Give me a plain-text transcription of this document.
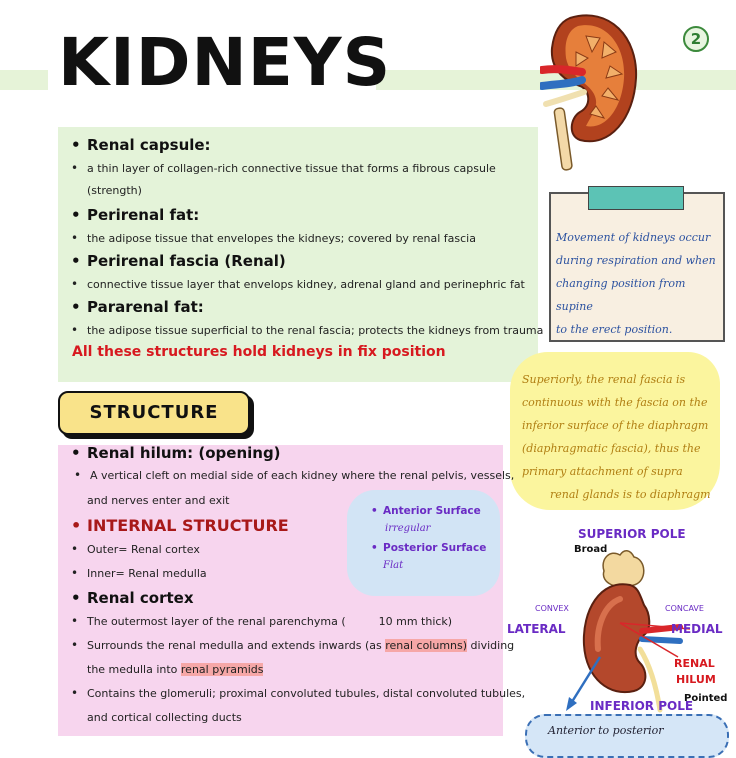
KIDNEYS	2
• Renal capsule:
• a thin layer of collagen-rich connective tissue that forms a fibrous capsule
(strength)
• Perirenal fat:
• the adipose tissue that envelopes the kidneys; covered by renal fascia
• Perirenal fascia (Renal)
• connective tissue layer that envelops kidney, adrenal gland and perinephric fat
• Pararenal fat:
• the adipose tissue superficial to the renal fascia; protects the kidneys from trauma
All these structures hold kidneys in fix position
Movement of kidneys occur
during respiration and when
changing position from supine
to the erect position.
Superiorly, the renal fascia is
continuous with the fascia on the
inferior surface of the diaphragm
(diaphragmatic fascia), thus the
primary attachment of supra
renal glands is to diaphragm
STRUCTURE
• Renal hilum: (opening)
• A vertical cleft on medial side of each kidney where the renal pelvis, vessels,
and nerves enter and exit
• INTERNAL STRUCTURE
• Outer= Renal cortex
• Inner= Renal medulla
• Renal cortex
• The outermost layer of the renal parenchyma (	10 mm thick)
• Surrounds the renal medulla and extends inwards (as renal columns) dividing
the medulla into renal pyramids
• Contains the glomeruli; proximal convoluted tubules, distal convoluted tubules,
and cortical collecting ducts
• Anterior Surface
irregular
• Posterior Surface
Flat
SUPERIOR POLE
Broad
CONVEX	CONCAVE
LATERAL	MEDIAL
RENAL
HILUM
Pointed
INFERIOR POLE
Anterior to posterior
